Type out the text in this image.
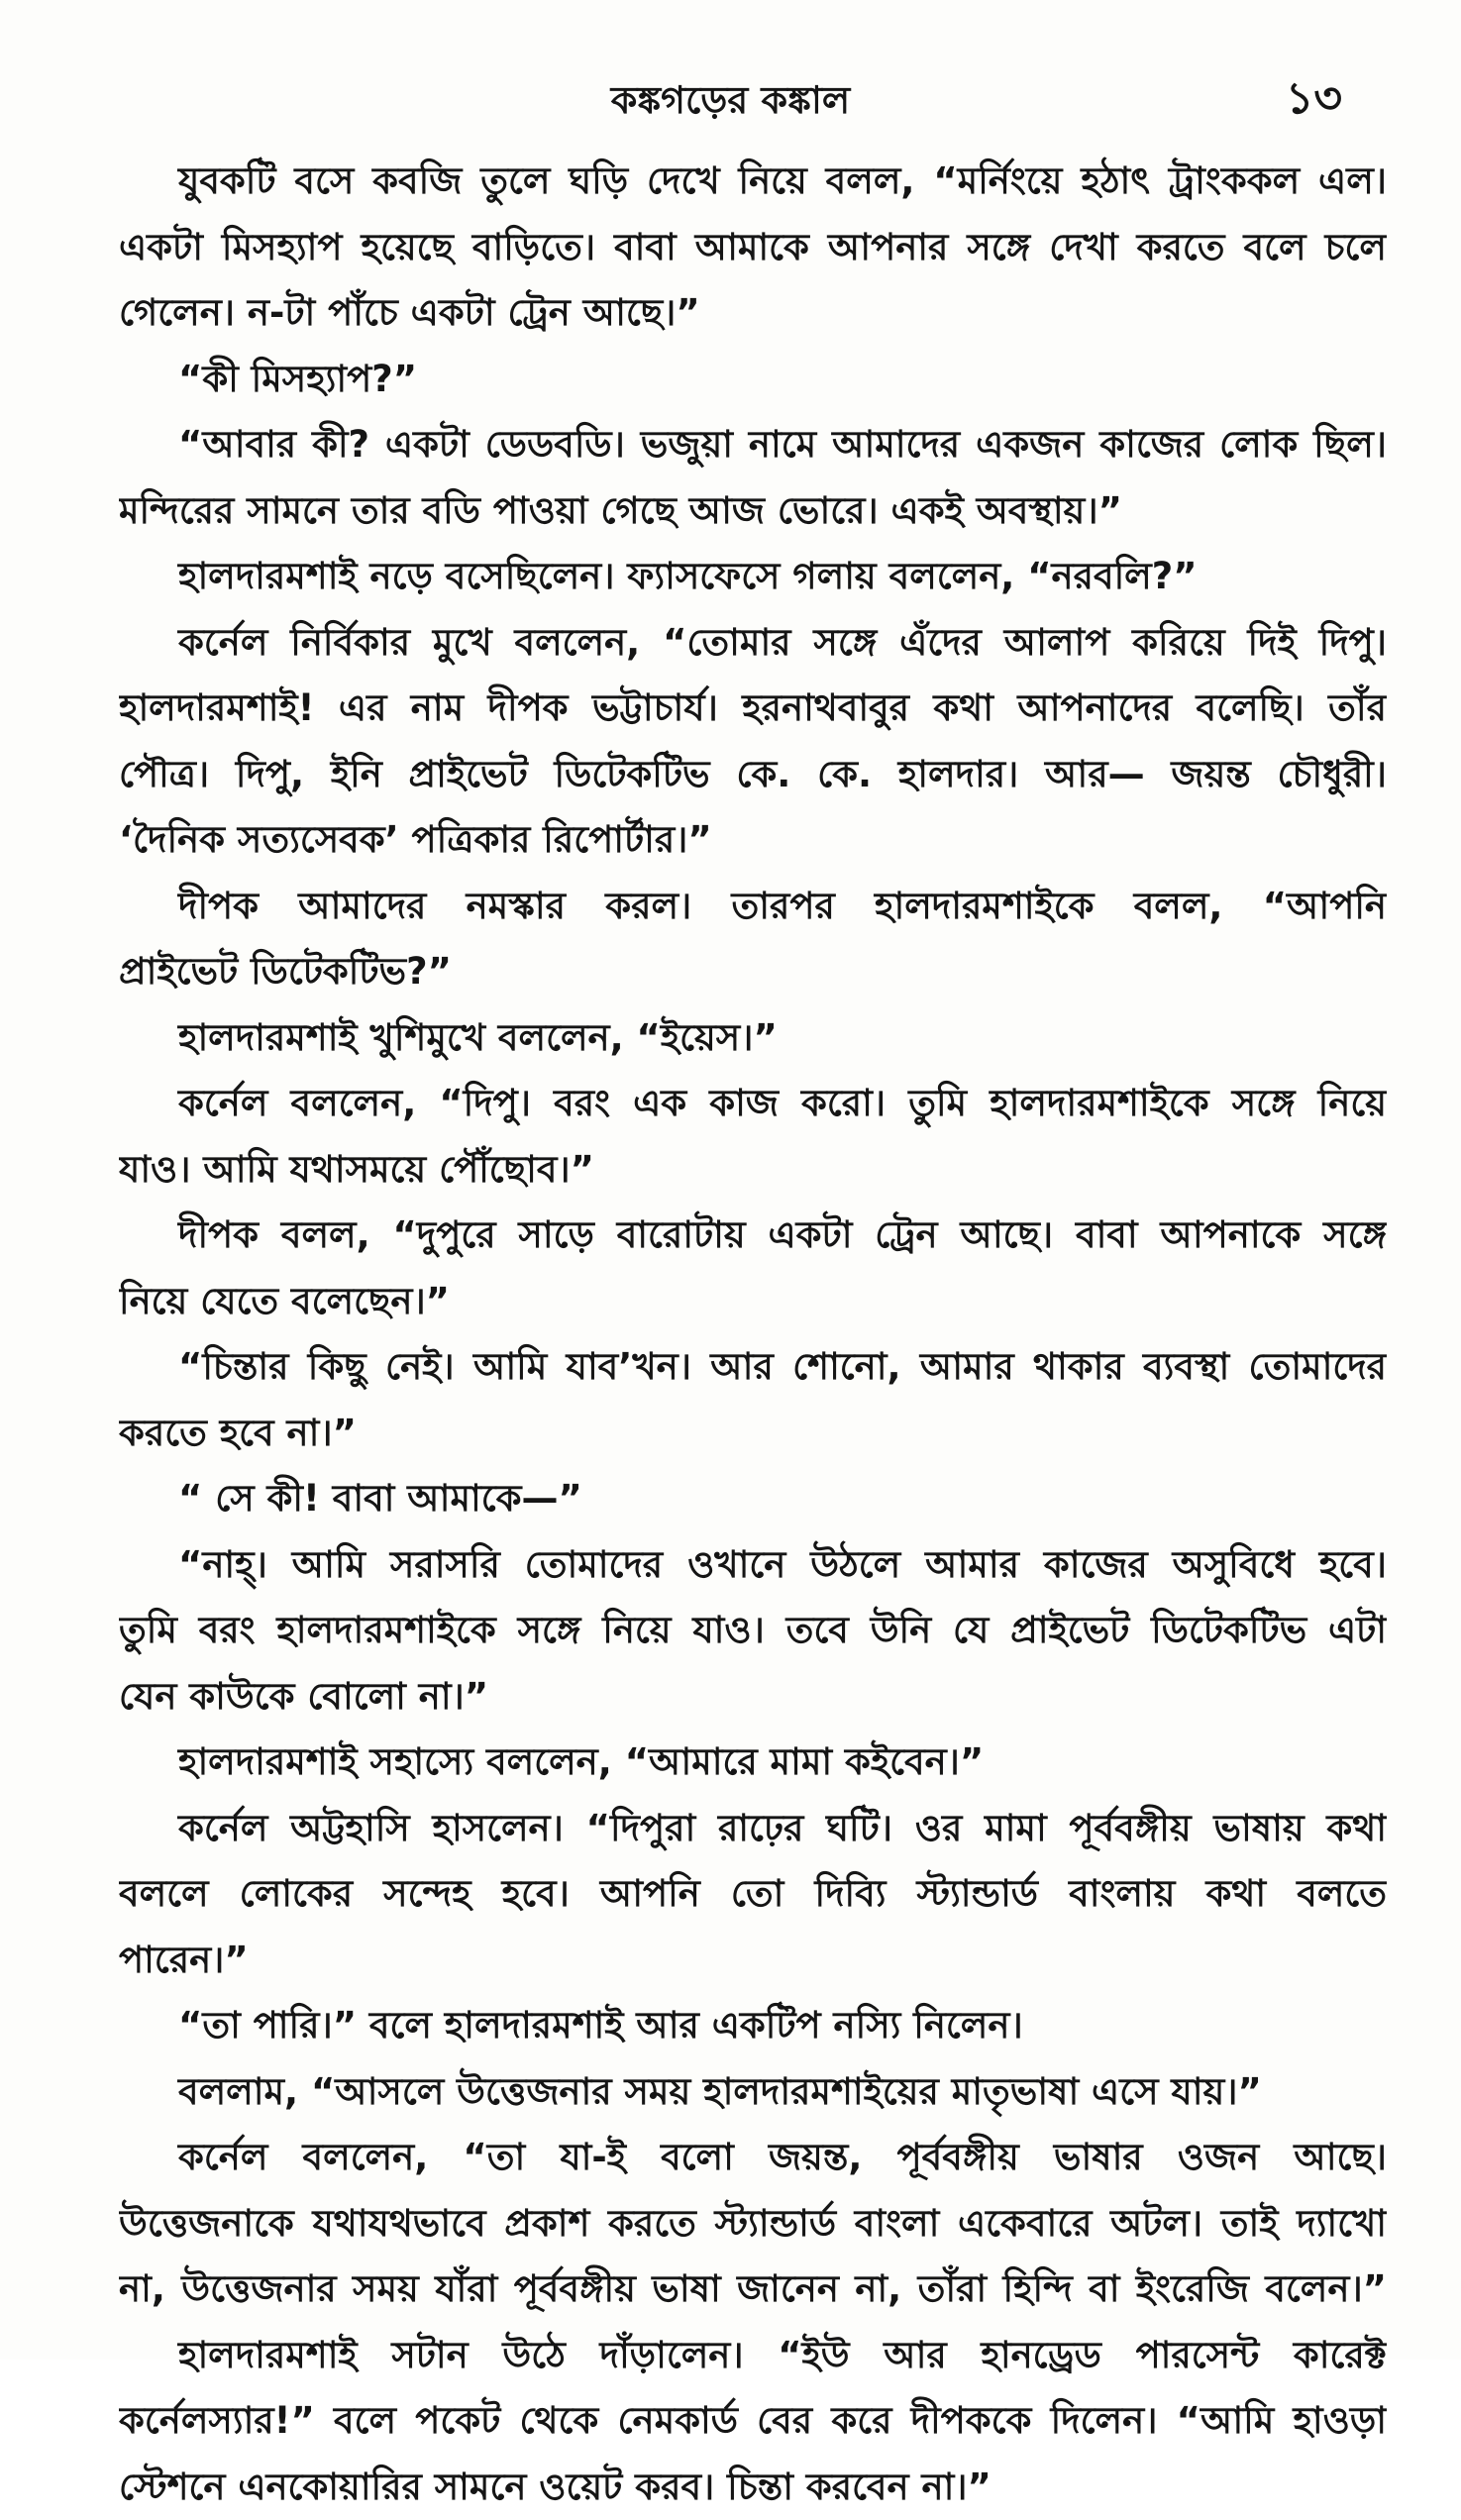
কঙ্কগড়ের কঙ্কাল	১৩
যুবকটি বসে কবজি তুলে ঘড়ি দেখে নিয়ে বলল, “মর্নিংয়ে হঠাৎ ট্রাংককল এল।
একটা মিসহ্যাপ হয়েছে বাড়িতে। বাবা আমাকে আপনার সঙ্গে দেখা করতে বলে চলে
গেলেন। ন-টা পাঁচে একটা ট্রেন আছে।”
“কী মিসহ্যাপ?”
“আবার কী? একটা ডেডবডি। ভজুয়া নামে আমাদের একজন কাজের লোক ছিল।
মন্দিরের সামনে তার বডি পাওয়া গেছে আজ ভোরে। একই অবস্থায়।”
হালদারমশাই নড়ে বসেছিলেন। ফ্যাসফেসে গলায় বললেন, “নরবলি?”
কর্নেল নির্বিকার মুখে বললেন, “তোমার সঙ্গে এঁদের আলাপ করিয়ে দিই দিপু।
হালদারমশাই! এর নাম দীপক ভট্টাচার্য। হরনাথবাবুর কথা আপনাদের বলেছি। তাঁর
পৌত্র। দিপু, ইনি প্রাইভেট ডিটেকটিভ কে. কে. হালদার। আর— জয়ন্ত চৌধুরী।
‘দৈনিক সত্যসেবক’ পত্রিকার রিপোর্টার।”
দীপক আমাদের নমস্কার করল। তারপর হালদারমশাইকে বলল, “আপনি
প্রাইভেট ডিটেকটিভ?”
হালদারমশাই খুশিমুখে বললেন, “ইয়েস।”
কর্নেল বললেন, “দিপু। বরং এক কাজ করো। তুমি হালদারমশাইকে সঙ্গে নিয়ে
যাও। আমি যথাসময়ে পৌঁছোব।”
দীপক বলল, “দুপুরে সাড়ে বারোটায় একটা ট্রেন আছে। বাবা আপনাকে সঙ্গে
নিয়ে যেতে বলেছেন।”
“চিন্তার কিছু নেই। আমি যাব’খন। আর শোনো, আমার থাকার ব্যবস্থা তোমাদের
করতে হবে না।”
“ সে কী! বাবা আমাকে—”
“নাহ্। আমি সরাসরি তোমাদের ওখানে উঠলে আমার কাজের অসুবিধে হবে।
তুমি বরং হালদারমশাইকে সঙ্গে নিয়ে যাও। তবে উনি যে প্রাইভেট ডিটেকটিভ এটা
যেন কাউকে বোলো না।”
হালদারমশাই সহাস্যে বললেন, “আমারে মামা কইবেন।”
কর্নেল অট্টহাসি হাসলেন। “দিপুরা রাঢ়ের ঘটি। ওর মামা পূর্ববঙ্গীয় ভাষায় কথা
বললে লোকের সন্দেহ হবে। আপনি তো দিব্যি স্ট্যান্ডার্ড বাংলায় কথা বলতে
পারেন।”
“তা পারি।” বলে হালদারমশাই আর একটিপ নস্যি নিলেন।
বললাম, “আসলে উত্তেজনার সময় হালদারমশাইয়ের মাতৃভাষা এসে যায়।”
কর্নেল বললেন, “তা যা-ই বলো জয়ন্ত, পূর্ববঙ্গীয় ভাষার ওজন আছে।
উত্তেজনাকে যথাযথভাবে প্রকাশ করতে স্ট্যান্ডার্ড বাংলা একেবারে অটল। তাই দ্যাখো
না, উত্তেজনার সময় যাঁরা পূর্ববঙ্গীয় ভাষা জানেন না, তাঁরা হিন্দি বা ইংরেজি বলেন।”
হালদারমশাই সটান উঠে দাঁড়ালেন। “ইউ আর হানড্রেড পারসেন্ট কারেক্ট
কর্নেলস্যার!” বলে পকেট থেকে নেমকার্ড বের করে দীপককে দিলেন। “আমি হাওড়া
স্টেশনে এনকোয়ারির সামনে ওয়েট করব। চিন্তা করবেন না।”
